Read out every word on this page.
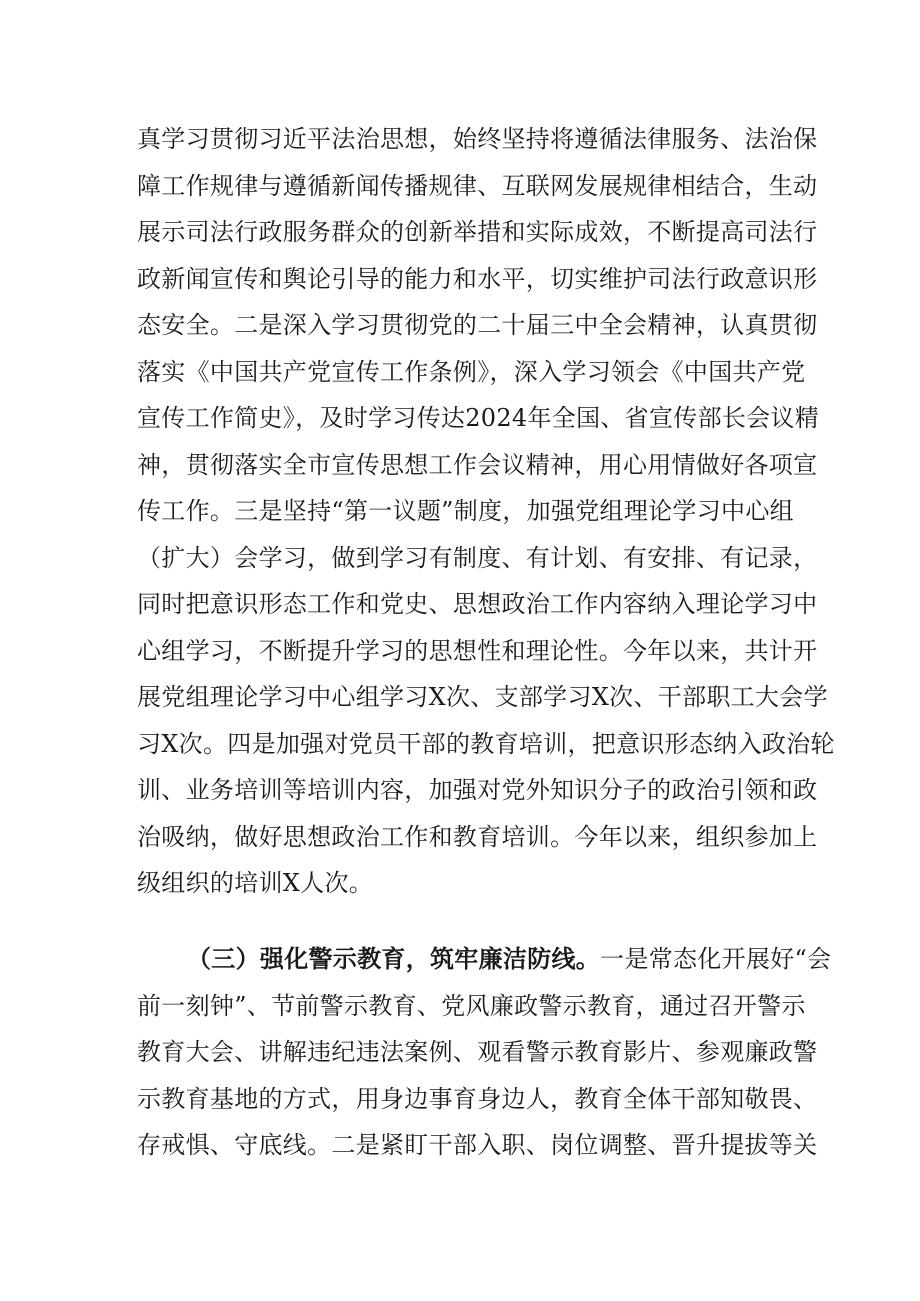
真学习贯彻习近平法治思想，始终坚持将遵循法律服务、法治保
障工作规律与遵循新闻传播规律、互联网发展规律相结合，生动
展示司法行政服务群众的创新举措和实际成效，不断提高司法行
政新闻宣传和舆论引导的能力和水平，切实维护司法行政意识形
态安全。二是深入学习贯彻党的二十届三中全会精神，认真贯彻
落实《中国共产党宣传工作条例》，深入学习领会《中国共产党
宣传工作简史》，及时学习传达2024年全国、省宣传部长会议精
神，贯彻落实全市宣传思想工作会议精神，用心用情做好各项宣
传工作。三是坚持“第一议题”制度，加强党组理论学习中心组
（扩大）会学习，做到学习有制度、有计划、有安排、有记录，
同时把意识形态工作和党史、思想政治工作内容纳入理论学习中
心组学习，不断提升学习的思想性和理论性。今年以来，共计开
展党组理论学习中心组学习X次、支部学习X次、干部职工大会学
习X次。四是加强对党员干部的教育培训，把意识形态纳入政治轮
训、业务培训等培训内容，加强对党外知识分子的政治引领和政
治吸纳，做好思想政治工作和教育培训。今年以来，组织参加上
级组织的培训X人次。
（三）强化警示教育，筑牢廉洁防线。一是常态化开展好“会
前一刻钟”、节前警示教育、党风廉政警示教育，通过召开警示
教育大会、讲解违纪违法案例、观看警示教育影片、参观廉政警
示教育基地的方式，用身边事育身边人，教育全体干部知敬畏、
存戒惧、守底线。二是紧盯干部入职、岗位调整、晋升提拔等关
